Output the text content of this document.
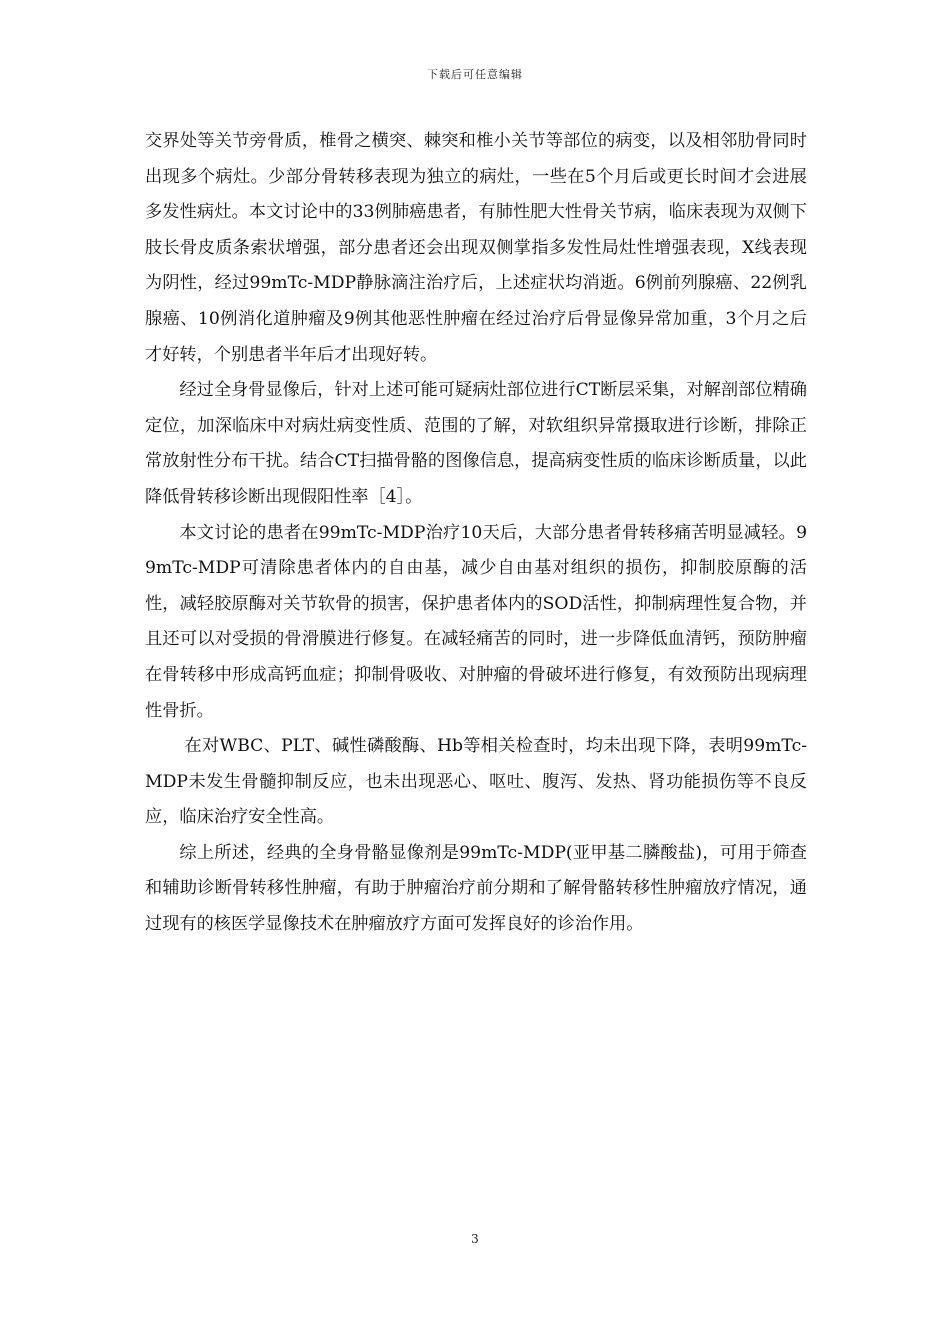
下载后可任意编辑

交界处等关节旁骨质，椎骨之横突、棘突和椎小关节等部位的病变，以及相邻肋骨同时出现多个病灶。少部分骨转移表现为独立的病灶，一些在5个月后或更长时间才会进展多发性病灶。本文讨论中的33例肺癌患者，有肺性肥大性骨关节病，临床表现为双侧下肢长骨皮质条索状增强，部分患者还会出现双侧掌指多发性局灶性增强表现，X线表现为阴性，经过99mTc-MDP静脉滴注治疗后，上述症状均消逝。6例前列腺癌、22例乳腺癌、10例消化道肿瘤及9例其他恶性肿瘤在经过治疗后骨显像异常加重，3个月之后才好转，个别患者半年后才出现好转。

经过全身骨显像后，针对上述可能可疑病灶部位进行CT断层采集，对解剖部位精确定位，加深临床中对病灶病变性质、范围的了解，对软组织异常摄取进行诊断，排除正常放射性分布干扰。结合CT扫描骨骼的图像信息，提高病变性质的临床诊断质量，以此降低骨转移诊断出现假阳性率［4］。

本文讨论的患者在99mTc-MDP治疗10天后，大部分患者骨转移痛苦明显减轻。99mTc-MDP可清除患者体内的自由基，减少自由基对组织的损伤，抑制胶原酶的活性，减轻胶原酶对关节软骨的损害，保护患者体内的SOD活性，抑制病理性复合物，并且还可以对受损的骨滑膜进行修复。在减轻痛苦的同时，进一步降低血清钙，预防肿瘤在骨转移中形成高钙血症；抑制骨吸收、对肿瘤的骨破坏进行修复，有效预防出现病理性骨折。

在对WBC、PLT、碱性磷酸酶、Hb等相关检查时，均未出现下降，表明99mTc-MDP未发生骨髓抑制反应，也未出现恶心、呕吐、腹泻、发热、肾功能损伤等不良反应，临床治疗安全性高。

综上所述，经典的全身骨骼显像剂是99mTc-MDP(亚甲基二膦酸盐)，可用于筛查和辅助诊断骨转移性肿瘤，有助于肿瘤治疗前分期和了解骨骼转移性肿瘤放疗情况，通过现有的核医学显像技术在肿瘤放疗方面可发挥良好的诊治作用。

3
